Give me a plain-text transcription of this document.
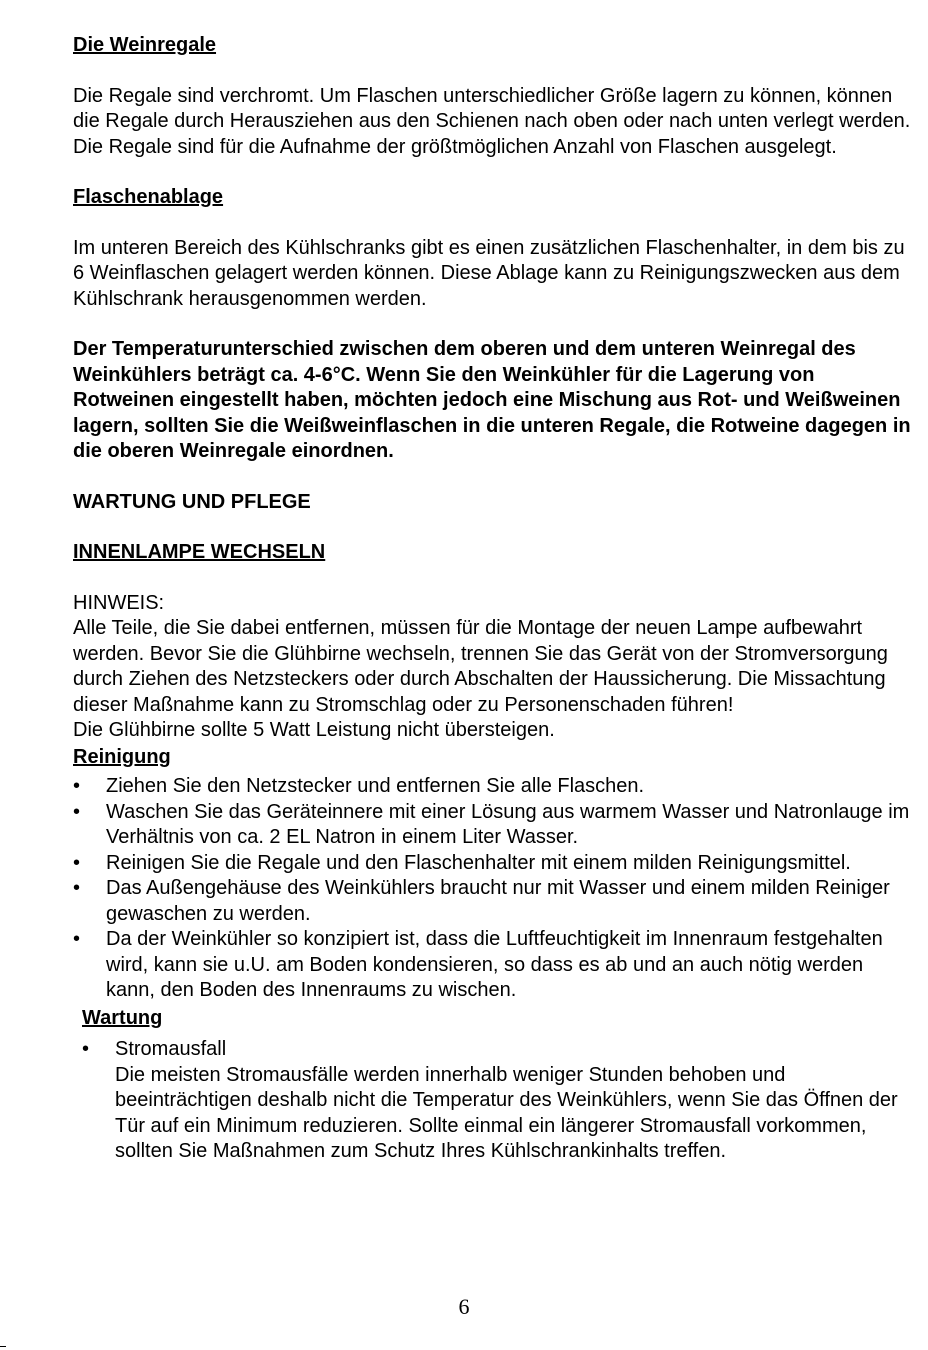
Die Weinregale

Die Regale sind verchromt. Um Flaschen unterschiedlicher Größe lagern zu können, können die Regale durch Herausziehen aus den Schienen nach oben oder nach unten verlegt werden. Die Regale sind für die Aufnahme der größtmöglichen Anzahl von Flaschen ausgelegt.

Flaschenablage

Im unteren Bereich des Kühlschranks gibt es einen zusätzlichen Flaschenhalter, in dem bis zu 6 Weinflaschen gelagert werden können. Diese Ablage kann zu Reinigungszwecken aus dem Kühlschrank herausgenommen werden.

Der Temperaturunterschied zwischen dem oberen und dem unteren Weinregal des Weinkühlers beträgt ca. 4-6°C. Wenn Sie den Weinkühler für die Lagerung von Rotweinen eingestellt haben, möchten jedoch eine Mischung aus Rot- und Weißweinen lagern, sollten Sie die Weißweinflaschen in die unteren Regale, die Rotweine dagegen in die oberen Weinregale einordnen.

WARTUNG UND PFLEGE

INNENLAMPE WECHSELN

HINWEIS:

Alle Teile, die Sie dabei entfernen, müssen für die Montage der neuen Lampe aufbewahrt werden. Bevor Sie die Glühbirne wechseln, trennen Sie das Gerät von der Stromversorgung durch Ziehen des Netzsteckers oder durch Abschalten der Haussicherung. Die Missachtung dieser Maßnahme kann zu Stromschlag oder zu Personenschaden führen!

Die Glühbirne sollte 5 Watt Leistung nicht übersteigen.

Reinigung

• Ziehen Sie den Netzstecker und entfernen Sie alle Flaschen.
• Waschen Sie das Geräteinnere mit einer Lösung aus warmem Wasser und Natronlauge im Verhältnis von ca. 2 EL Natron in einem Liter Wasser.
• Reinigen Sie die Regale und den Flaschenhalter mit einem milden Reinigungsmittel.
• Das Außengehäuse des Weinkühlers braucht nur mit Wasser und einem milden Reiniger gewaschen zu werden.
• Da der Weinkühler so konzipiert ist, dass die Luftfeuchtigkeit im Innenraum festgehalten wird, kann sie u.U. am Boden kondensieren, so dass es ab und an auch nötig werden kann, den Boden des Innenraums zu wischen.

Wartung

• Stromausfall
Die meisten Stromausfälle werden innerhalb weniger Stunden behoben und beeinträchtigen deshalb nicht die Temperatur des Weinkühlers, wenn Sie das Öffnen der Tür auf ein Minimum reduzieren. Sollte einmal ein längerer Stromausfall vorkommen, sollten Sie Maßnahmen zum Schutz Ihres Kühlschrankinhalts treffen.
6
